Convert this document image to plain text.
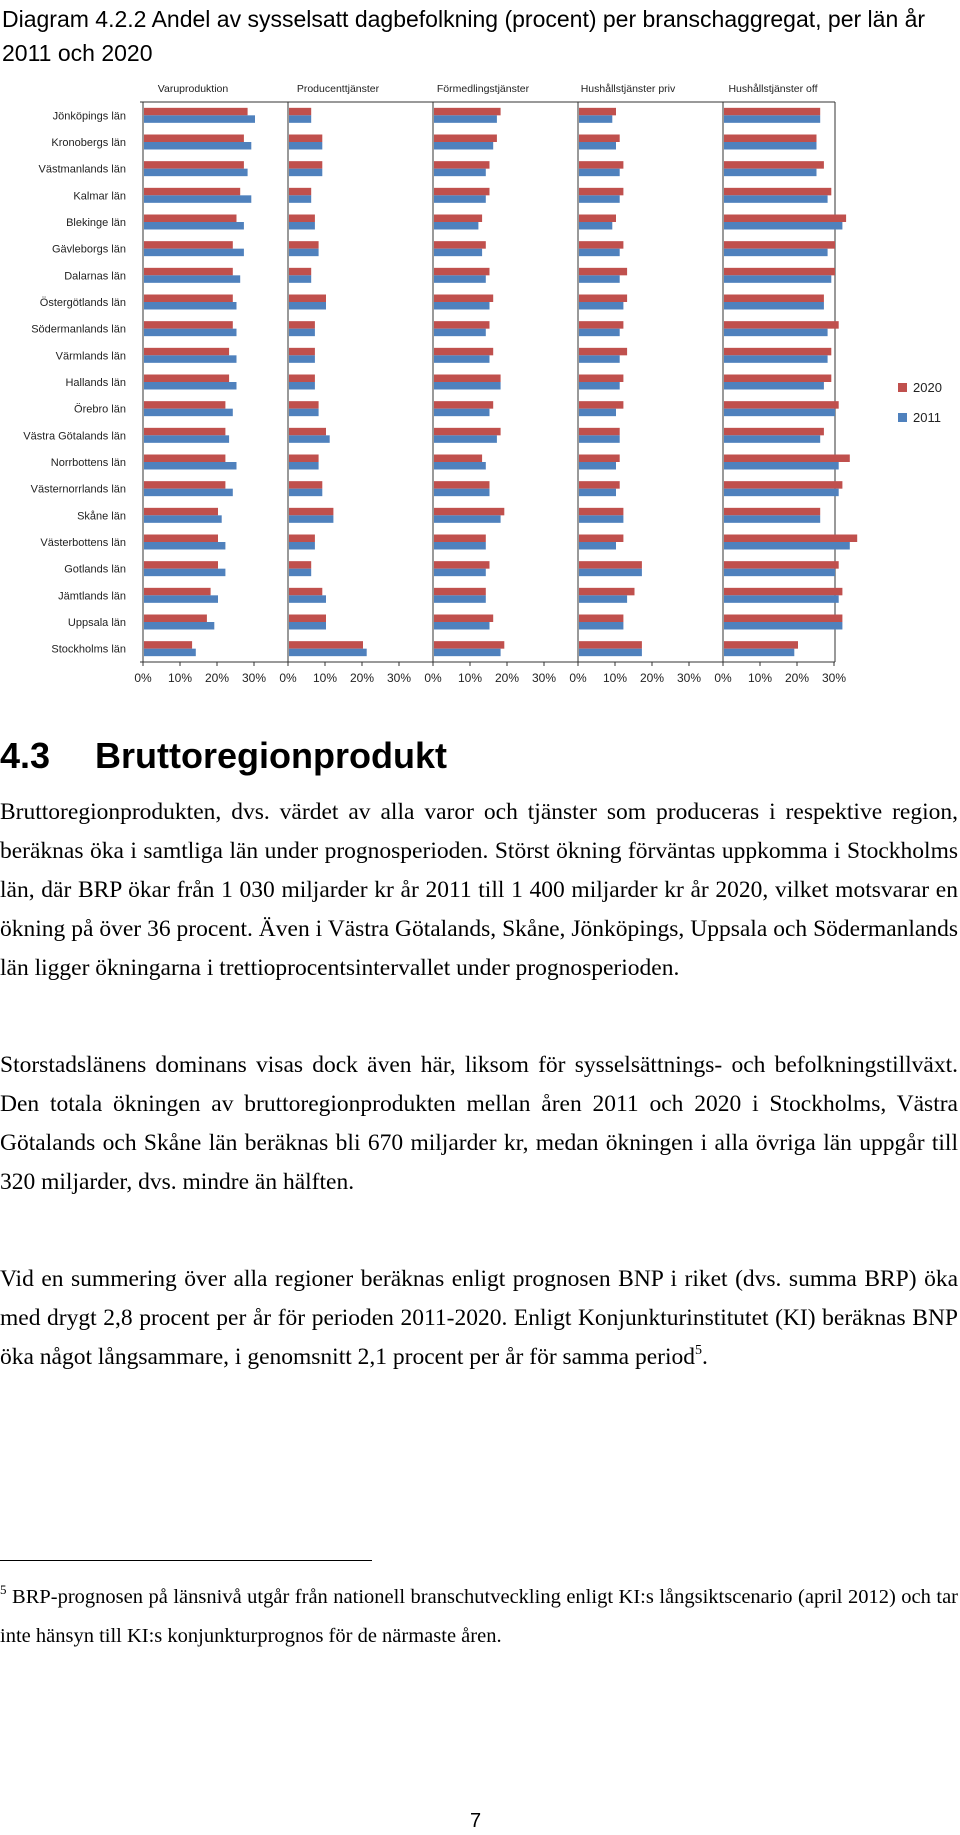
Diagram 4.2.2 Andel av sysselsatt dagbefolkning (procent) per branschaggregat, per län år 2011 och 2020
Varuproduktion	Producenttjänster	Förmedlingstjänster	Hushållstjänster priv	Hushållstjänster off
0% 10% 20% 30% 0% 10% 20% 30% 0% 10% 20% 30% 0% 10% 20% 30% 0% 10% 20% 30%
Jönköpings län
Kronobergs län
Västmanlands län
Kalmar län
Blekinge län
Gävleborgs län
Dalarnas län
Östergötlands län
Södermanlands län
Värmlands län
Hallands län
Örebro län
Västra Götalands län
Norrbottens län
Västernorrlands län
Skåne län
Västerbottens län
Gotlands län
Jämtlands län
Uppsala län
Stockholms län
2020
2011
4.3 Bruttoregionprodukt

Bruttoregionprodukten, dvs. värdet av alla varor och tjänster som produceras i respektive region, beräknas öka i samtliga län under prognosperioden. Störst ökning förväntas uppkomma i Stockholms län, där BRP ökar från 1 030 miljarder kr år 2011 till 1 400 miljarder kr år 2020, vilket motsvarar en ökning på över 36 procent. Även i Västra Götalands, Skåne, Jönköpings, Uppsala och Södermanlands län ligger ökningarna i trettioprocentsintervallet under prognosperioden.

Storstadslänens dominans visas dock även här, liksom för sysselsättnings- och befolkningstillväxt. Den totala ökningen av bruttoregionprodukten mellan åren 2011 och 2020 i Stockholms, Västra Götalands och Skåne län beräknas bli 670 miljarder kr, medan ökningen i alla övriga län uppgår till 320 miljarder, dvs. mindre än hälften.

Vid en summering över alla regioner beräknas enligt prognosen BNP i riket (dvs. summa BRP) öka med drygt 2,8 procent per år för perioden 2011-2020. Enligt Konjunkturinstitutet (KI) beräknas BNP öka något långsammare, i genomsnitt 2,1 procent per år för samma period$^5$.

$^5$ BRP-prognosen på länsnivå utgår från nationell branschutveckling enligt KI:s långsiktscenario (april 2012) och tar inte hänsyn till KI:s konjunkturprognos för de närmaste åren.

7
